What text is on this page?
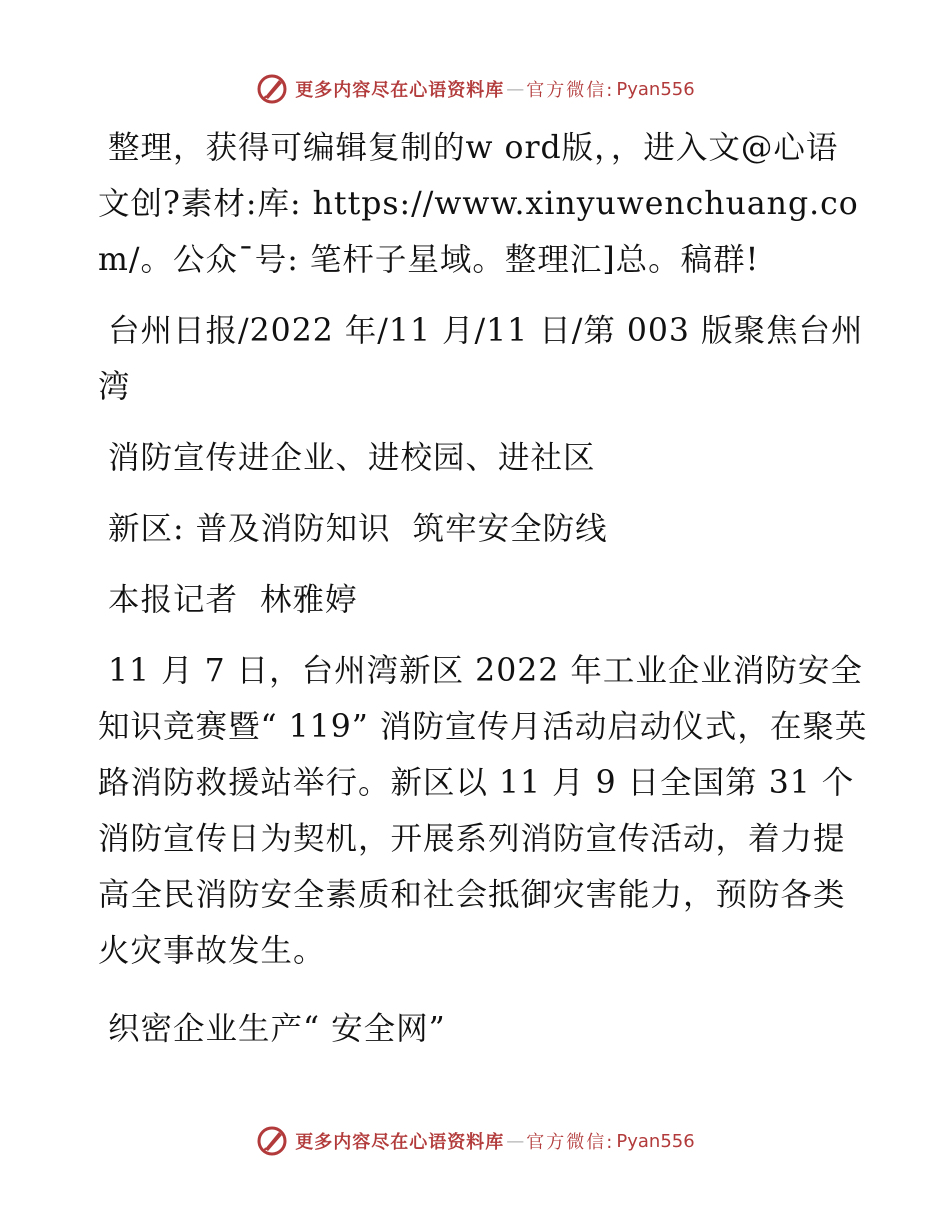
更多内容尽在心语资料库 — 官方微信: Pyan556

整理，获得可编辑复制的w ord版，，进入文@心语文创?素材:库: https://www.xinyuwenchuang.com/。公众¯号: 笔杆子星域。整理汇]总。稿群!

台州日报/2022 年/11 月/11 日/第 003 版聚焦台州湾

消防宣传进企业、进校园、进社区

新区: 普及消防知识  筑牢安全防线

本报记者  林雅婷

11 月 7 日，台州湾新区 2022 年工业企业消防安全知识竞赛暨“ 119” 消防宣传月活动启动仪式，在聚英路消防救援站举行。新区以 11 月 9 日全国第 31 个消防宣传日为契机，开展系列消防宣传活动，着力提高全民消防安全素质和社会抵御灾害能力，预防各类火灾事故发生。

织密企业生产“ 安全网”

更多内容尽在心语资料库 — 官方微信: Pyan556
